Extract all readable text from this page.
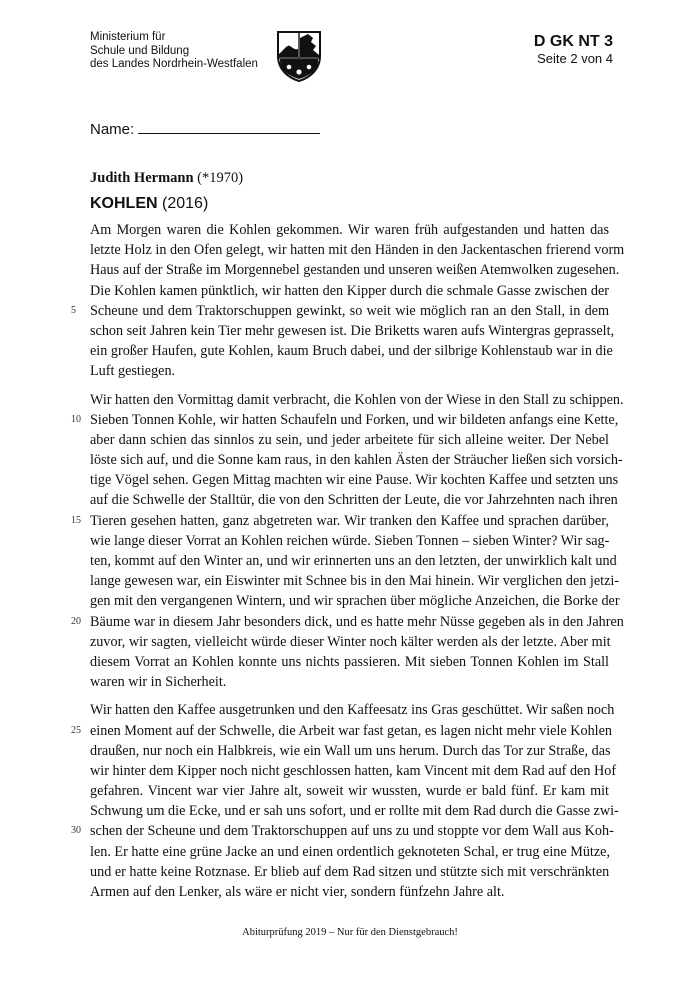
Ministerium für
Schule und Bildung
des Landes Nordrhein-Westfalen
D GK NT 3
Seite 2 von 4
Name:
Judith Hermann (*1970)
KOHLEN (2016)
Am Morgen waren die Kohlen gekommen. Wir waren früh aufgestanden und hatten das
letzte Holz in den Ofen gelegt, wir hatten mit den Händen in den Jackentaschen frierend vorm
Haus auf der Straße im Morgennebel gestanden und unseren weißen Atemwolken zugesehen.
Die Kohlen kamen pünktlich, wir hatten den Kipper durch die schmale Gasse zwischen der
Scheune und dem Traktorschuppen gewinkt, so weit wie möglich ran an den Stall, in dem
5
schon seit Jahren kein Tier mehr gewesen ist. Die Briketts waren aufs Wintergras geprasselt,
ein großer Haufen, gute Kohlen, kaum Bruch dabei, und der silbrige Kohlenstaub war in die
Luft gestiegen.
Wir hatten den Vormittag damit verbracht, die Kohlen von der Wiese in den Stall zu schippen.
Sieben Tonnen Kohle, wir hatten Schaufeln und Forken, und wir bildeten anfangs eine Kette,
10
aber dann schien das sinnlos zu sein, und jeder arbeitete für sich alleine weiter. Der Nebel
löste sich auf, und die Sonne kam raus, in den kahlen Ästen der Sträucher ließen sich vorsich-
tige Vögel sehen. Gegen Mittag machten wir eine Pause. Wir kochten Kaffee und setzten uns
auf die Schwelle der Stalltür, die von den Schritten der Leute, die vor Jahrzehnten nach ihren
Tieren gesehen hatten, ganz abgetreten war. Wir tranken den Kaffee und sprachen darüber,
15
wie lange dieser Vorrat an Kohlen reichen würde. Sieben Tonnen – sieben Winter? Wir sag-
ten, kommt auf den Winter an, und wir erinnerten uns an den letzten, der unwirklich kalt und
lange gewesen war, ein Eiswinter mit Schnee bis in den Mai hinein. Wir verglichen den jetzi-
gen mit den vergangenen Wintern, und wir sprachen über mögliche Anzeichen, die Borke der
Bäume war in diesem Jahr besonders dick, und es hatte mehr Nüsse gegeben als in den Jahren
20
zuvor, wir sagten, vielleicht würde dieser Winter noch kälter werden als der letzte. Aber mit
diesem Vorrat an Kohlen konnte uns nichts passieren. Mit sieben Tonnen Kohlen im Stall
waren wir in Sicherheit.
Wir hatten den Kaffee ausgetrunken und den Kaffeesatz ins Gras geschüttet. Wir saßen noch
einen Moment auf der Schwelle, die Arbeit war fast getan, es lagen nicht mehr viele Kohlen
25
draußen, nur noch ein Halbkreis, wie ein Wall um uns herum. Durch das Tor zur Straße, das
wir hinter dem Kipper noch nicht geschlossen hatten, kam Vincent mit dem Rad auf den Hof
gefahren. Vincent war vier Jahre alt, soweit wir wussten, wurde er bald fünf. Er kam mit
Schwung um die Ecke, und er sah uns sofort, und er rollte mit dem Rad durch die Gasse zwi-
schen der Scheune und dem Traktorschuppen auf uns zu und stoppte vor dem Wall aus Koh-
30
len. Er hatte eine grüne Jacke an und einen ordentlich geknoteten Schal, er trug eine Mütze,
und er hatte keine Rotznase. Er blieb auf dem Rad sitzen und stützte sich mit verschränkten
Armen auf den Lenker, als wäre er nicht vier, sondern fünfzehn Jahre alt.
Abiturprüfung 2019 – Nur für den Dienstgebrauch!
